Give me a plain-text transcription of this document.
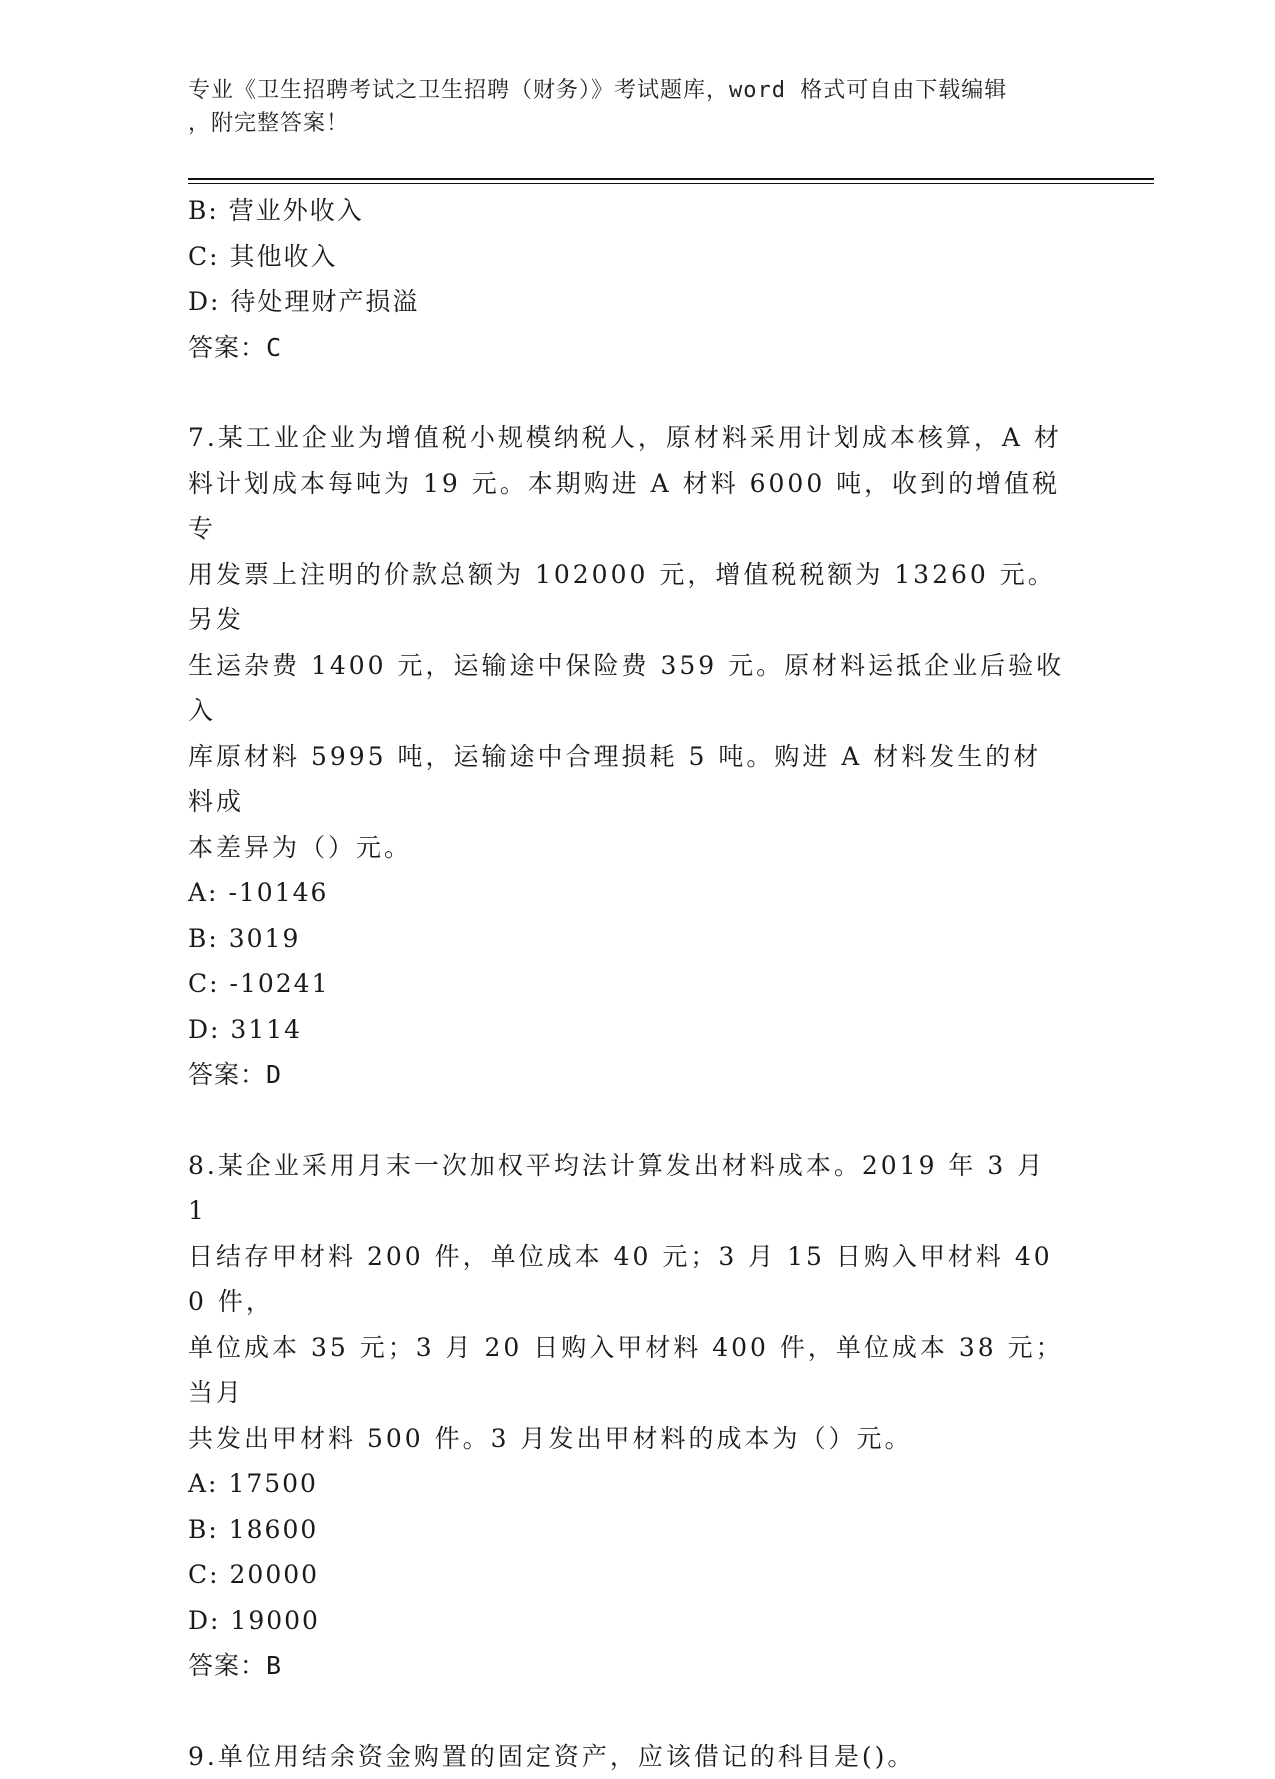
专业《卫生招聘考试之卫生招聘（财务）》考试题库，word 格式可自由下载编辑
，附完整答案！

B: 营业外收入

C: 其他收入

D: 待处理财产损溢

答案：C

7.某工业企业为增值税小规模纳税人，原材料采用计划成本核算，A 材

料计划成本每吨为 19 元。本期购进 A 材料 6000 吨，收到的增值税专

用发票上注明的价款总额为 102000 元，增值税税额为 13260 元。另发

生运杂费 1400 元，运输途中保险费 359 元。原材料运抵企业后验收入

库原材料 5995 吨，运输途中合理损耗 5 吨。购进 A 材料发生的材料成

本差异为（）元。

A: -10146

B: 3019

C: -10241

D: 3114

答案：D

8.某企业采用月末一次加权平均法计算发出材料成本。2019 年 3 月 1

日结存甲材料 200 件，单位成本 40 元；3 月 15 日购入甲材料 400 件，

单位成本 35 元；3 月 20 日购入甲材料 400 件，单位成本 38 元；当月

共发出甲材料 500 件。3 月发出甲材料的成本为（）元。

A: 17500

B: 18600

C: 20000

D: 19000

答案：B

9.单位用结余资金购置的固定资产，应该借记的科目是()。
